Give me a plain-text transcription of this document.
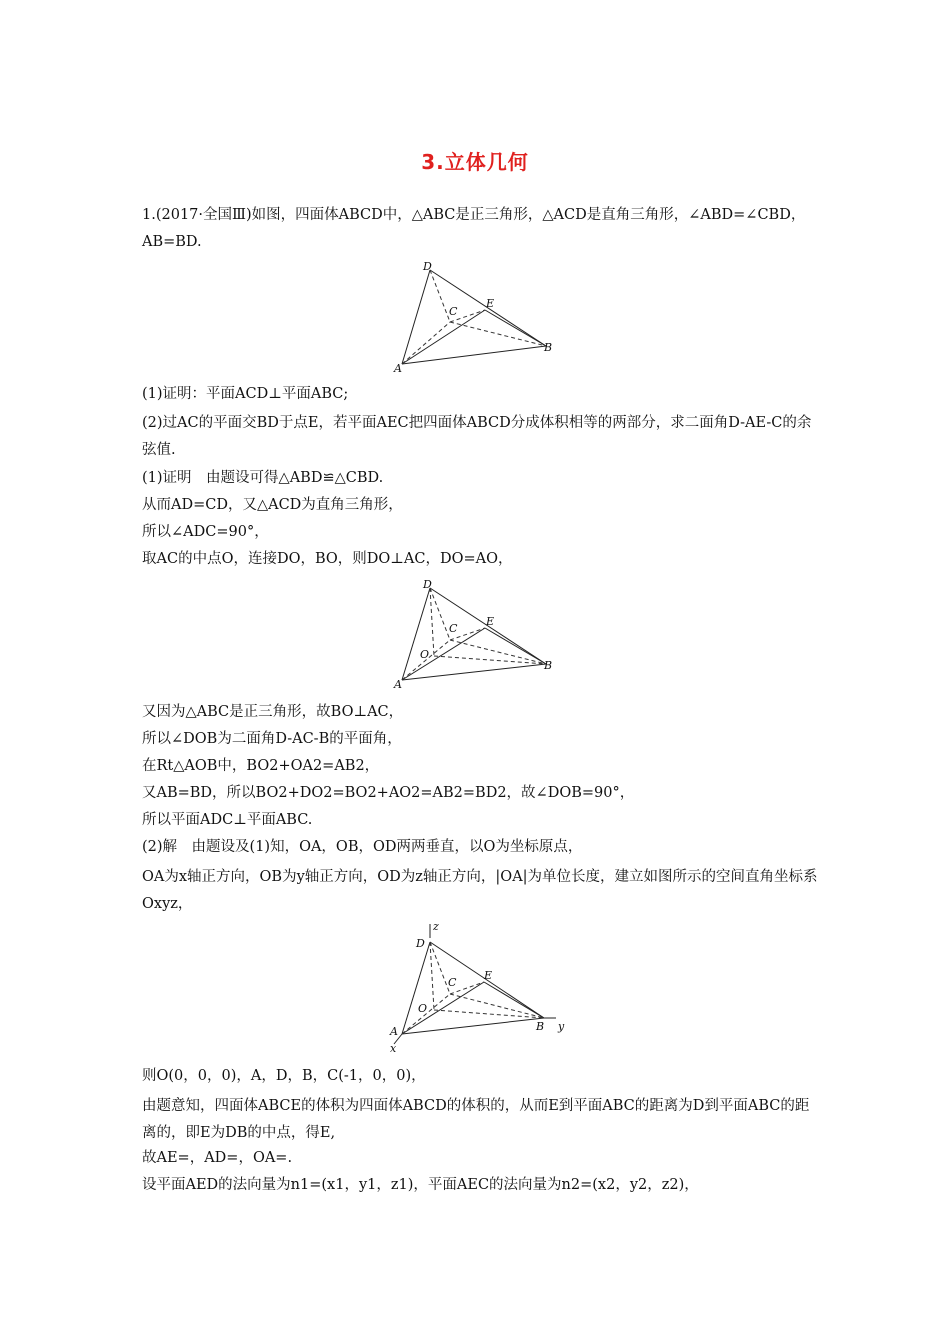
3.立体几何
1.(2017·全国Ⅲ)如图，四面体ABCD中，△ABC是正三角形，△ACD是直角三角形，∠ABD=∠CBD，AB=BD.
D
C
E
B
A
(1)证明：平面ACD⊥平面ABC;
(2)过AC的平面交BD于点E，若平面AEC把四面体ABCD分成体积相等的两部分，求二面角D-AE-C的余弦值.
(1)证明　由题设可得△ABD≌△CBD.
从而AD=CD，又△ACD为直角三角形，
所以∠ADC=90°，
取AC的中点O，连接DO，BO，则DO⊥AC，DO=AO，
D
C
E
O
B
A
又因为△ABC是正三角形，故BO⊥AC，
所以∠DOB为二面角D-AC-B的平面角，
在Rt△AOB中，BO2+OA2=AB2，
又AB=BD，所以BO2+DO2=BO2+AO2=AB2=BD2，故∠DOB=90°，
所以平面ADC⊥平面ABC.
(2)解　由题设及(1)知，OA，OB，OD两两垂直，以O为坐标原点，
OA为x轴正方向，OB为y轴正方向，OD为z轴正方向，|OA|为单位长度，建立如图所示的空间直角坐标系Oxyz，
z
D
C
E
O
B y
A
x
则O(0，0，0)，A，D，B，C(-1，0，0)，
由题意知，四面体ABCE的体积为四面体ABCD的体积的，从而E到平面ABC的距离为D到平面ABC的距离的，即E为DB的中点，得E,
故AE=，AD=，OA=.
设平面AED的法向量为n1=(x1，y1，z1)，平面AEC的法向量为n2=(x2，y2，z2)，
